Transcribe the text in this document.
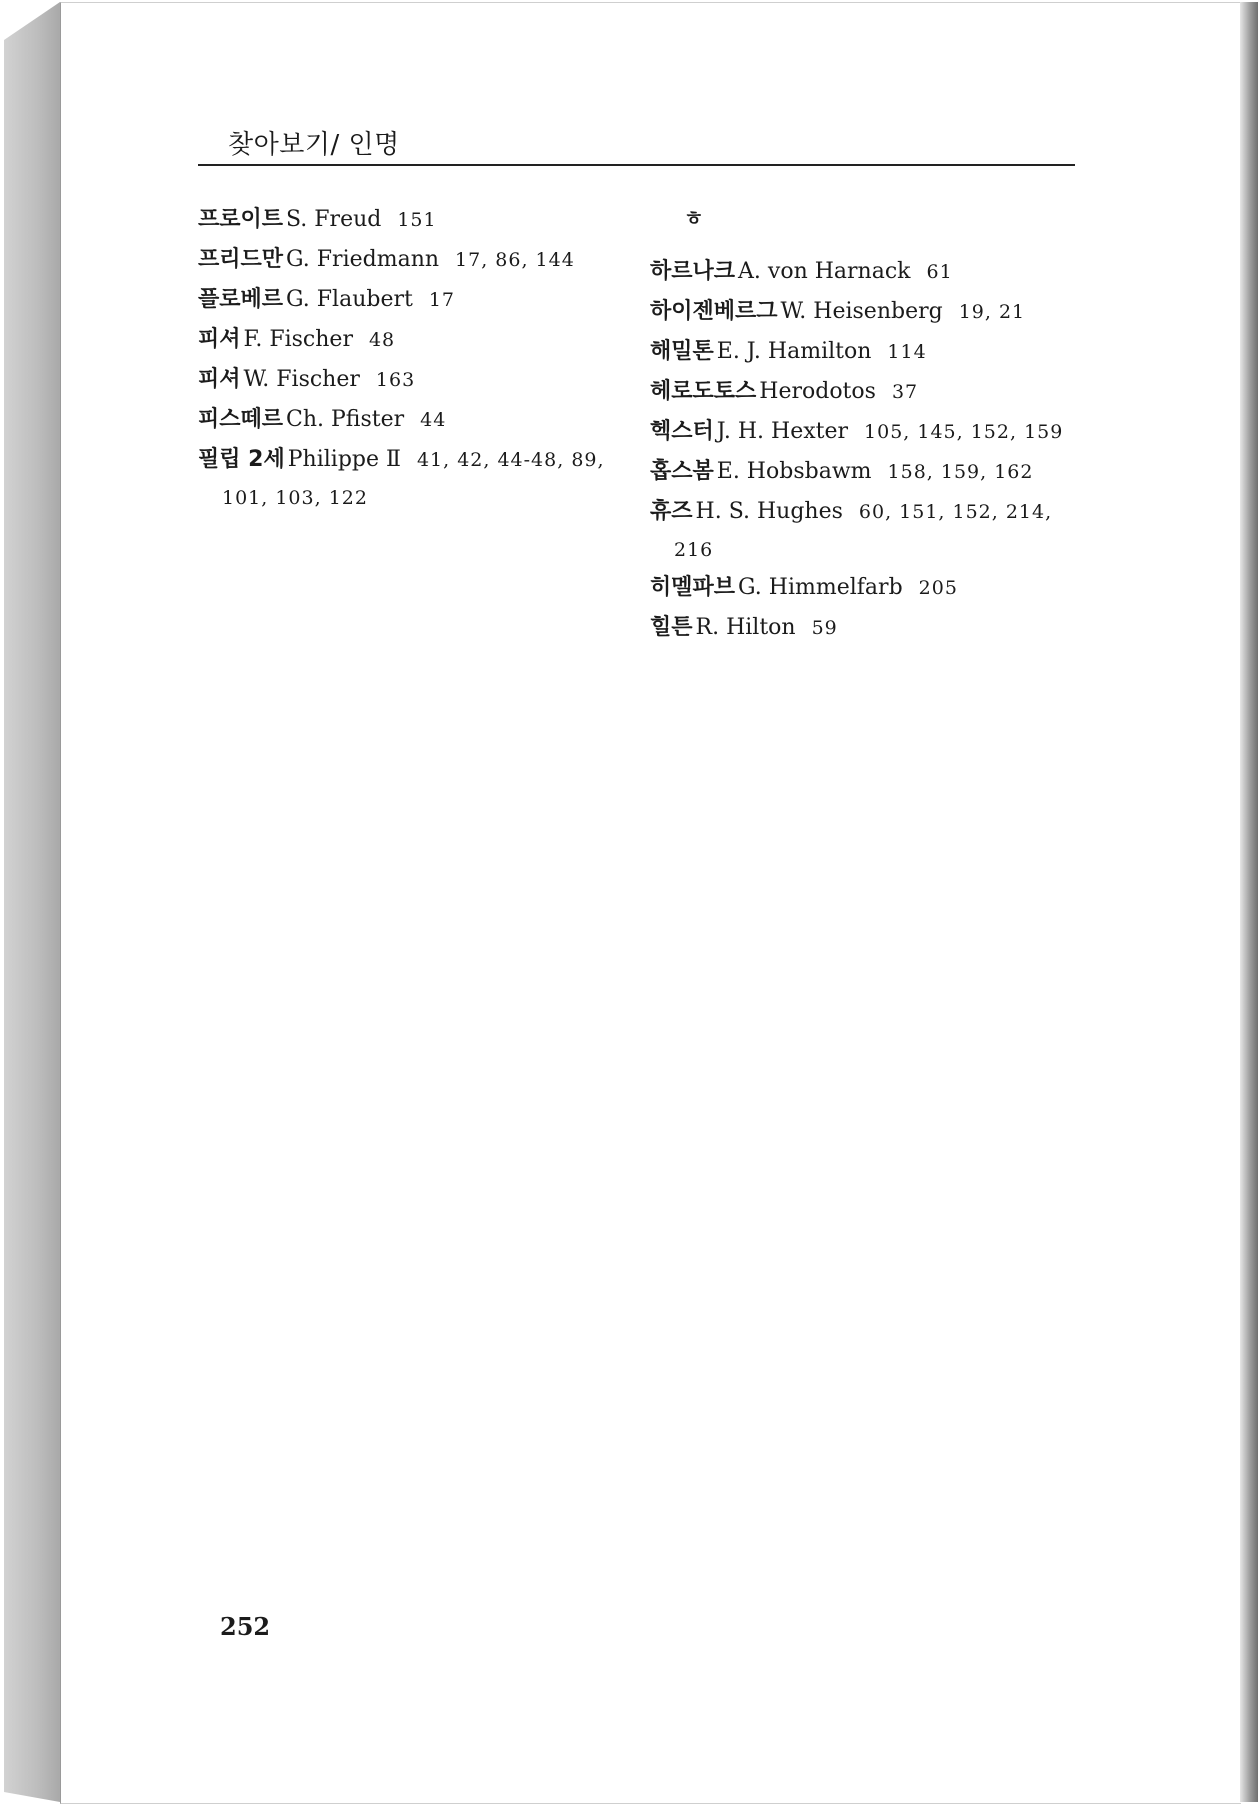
찾아보기/ 인명
프로이트 S. Freud 151
프리드만 G. Friedmann 17, 86, 144
플로베르 G. Flaubert 17
피셔 F. Fischer 48
피셔 W. Fischer 163
피스떼르 Ch. Pfister 44
필립 2세 Philippe Ⅱ 41, 42, 44-48, 89,
101, 103, 122
ㅎ
하르나크 A. von Harnack 61
하이젠베르그 W. Heisenberg 19, 21
해밀톤 E. J. Hamilton 114
헤로도토스 Herodotos 37
헥스터 J. H. Hexter 105, 145, 152, 159
홉스봄 E. Hobsbawm 158, 159, 162
휴즈 H. S. Hughes 60, 151, 152, 214,
216
히멜파브 G. Himmelfarb 205
힐튼 R. Hilton 59
252
